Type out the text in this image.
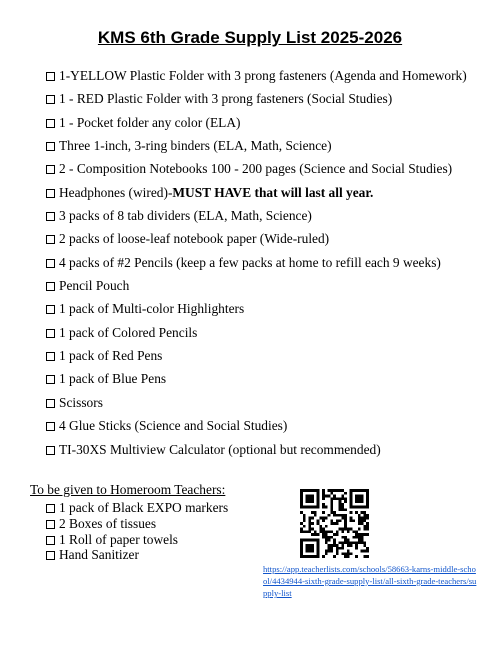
KMS 6th Grade Supply List 2025-2026
1-YELLOW Plastic Folder with 3 prong fasteners (Agenda and Homework)
1 - RED Plastic Folder with 3 prong fasteners (Social Studies)
1 - Pocket folder any color (ELA)
Three 1-inch, 3-ring binders (ELA, Math, Science)
2 - Composition Notebooks 100 - 200 pages (Science and Social Studies)
Headphones (wired)-MUST HAVE that will last all year.
3 packs of 8 tab dividers (ELA, Math, Science)
2 packs of loose-leaf notebook paper (Wide-ruled)
4 packs of #2 Pencils (keep a few packs at home to refill each 9 weeks)
Pencil Pouch
1 pack of Multi-color Highlighters
1 pack of Colored Pencils
1 pack of Red Pens
1 pack of Blue Pens
Scissors
4 Glue Sticks (Science and Social Studies)
TI-30XS Multiview Calculator (optional but recommended)
To be given to Homeroom Teachers:
1 pack of Black EXPO markers
2 Boxes of tissues
1 Roll of paper towels
Hand Sanitizer
https://app.teacherlists.com/schools/58663-karns-middle-school/4434944-sixth-grade-supply-list/all-sixth-grade-teachers/supply-list
